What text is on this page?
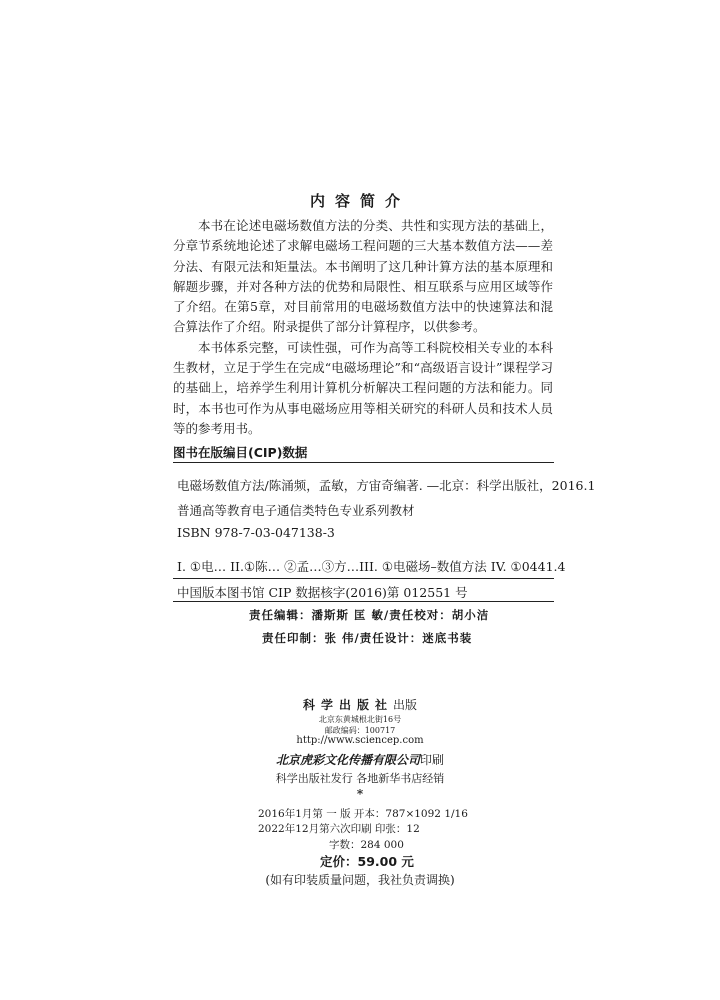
内容简介

本书在论述电磁场数值方法的分类、共性和实现方法的基础上，分章节系统地论述了求解电磁场工程问题的三大基本数值方法——差分法、有限元法和矩量法。本书阐明了这几种计算方法的基本原理和解题步骤，并对各种方法的优势和局限性、相互联系与应用区域等作了介绍。在第5章，对目前常用的电磁场数值方法中的快速算法和混合算法作了介绍。附录提供了部分计算程序，以供参考。

本书体系完整，可读性强，可作为高等工科院校相关专业的本科生教材，立足于学生在完成“电磁场理论”和“高级语言设计”课程学习的基础上，培养学生利用计算机分析解决工程问题的方法和能力。同时，本书也可作为从事电磁场应用等相关研究的科研人员和技术人员等的参考用书。

图书在版编目(CIP)数据
电磁场数值方法/陈涌频，孟敏，方宙奇编著. —北京：科学出版社，2016.1
普通高等教育电子通信类特色专业系列教材
ISBN 978-7-03-047138-3
I. ①电… II.①陈… ②孟…③方…III. ①电磁场–数值方法 IV. ①0441.4
中国版本图书馆 CIP 数据核字(2016)第 012551 号
责任编辑：潘斯斯 匡 敏/责任校对：胡小洁
责任印制：张 伟/责任设计：迷底书装
科学出版社出版
北京东黄城根北街16号
邮政编码：100717
http://www.sciencep.com
北京虎彩文化传播有限公司印刷
科学出版社发行 各地新华书店经销
*
2016年1月第 一 版 开本：787×1092 1/16
2022年12月第六次印刷 印张：12
字数：284 000
定价：59.00 元
(如有印装质量问题，我社负责调换)
